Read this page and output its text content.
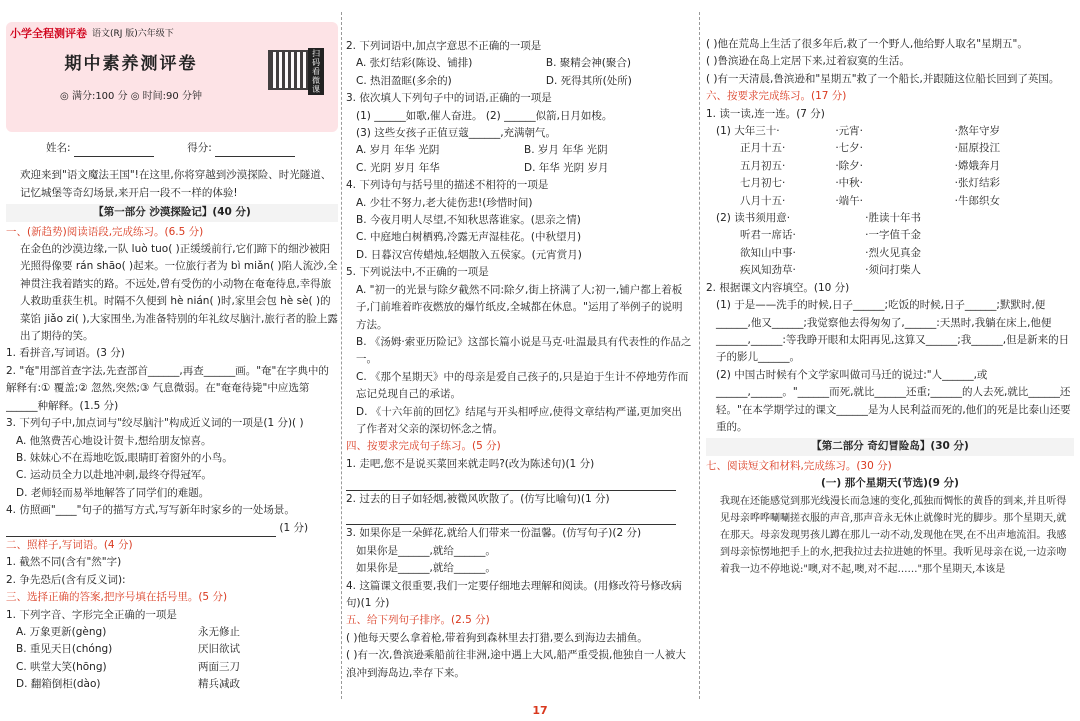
小学全程测评卷 语文(RJ 版)六年级下
期中素养测评卷
◎ 满分:100 分 ◎ 时间:90 分钟
扫码看微课
姓名:	得分:

欢迎来到"语文魔法王国"!在这里,你将穿越到沙漠探险、时光隧道、记忆城堡等奇幻场景,来开启一段不一样的体验!

【第一部分 沙漠探险记】(40 分)

一、(新趋势)阅读语段,完成练习。(6.5 分)

在金色的沙漠边缘,一队 luò tuo( )正缓缓前行,它们蹄下的细沙被阳光照得像要 rán shāo( )起来。一位旅行者为 bì miǎn( )陷人流沙,全神贯注我着踏实的路。不远处,曾有受伤的小动物在奄奄待息,幸得旅人救助重获生机。时隔不久便到 hè nián( )时,家里会包 hè sè( )的菜馅 jiǎo zi( ),大家围坐,为准备特别的年礼纹尽脑汁,旅行者的脸上露出了期待的笑。

1. 看拼音,写词语。(3 分)

2. "奄"用部首查字法,先查部首______,再查______画。"奄"在字典中的解释有:① 覆盖;② 忽然,突然;③ 气息微弱。在"奄奄待毙"中应选第______种解释。(1.5 分)

3. 下列句子中,加点词与"绞尽脑汁"构成近义词的一项是(1 分)( )

A. 他煞费苦心地设计贺卡,想给朋友惊喜。

B. 妹妹心不在焉地吃饭,眼睛盯着窗外的小鸟。

C. 运动员全力以赴地冲刺,最终夺得冠军。

D. 老师轻而易举地解答了同学们的难题。

4. 仿照画"____"句子的描写方式,写写新年时家乡的一处场景。

(1 分)

二、照样子,写词语。(4 分)

1. 截然不同(含有"然"字)

2. 争先恐后(含有反义词):

三、选择正确的答案,把序号填在括号里。(5 分)

1. 下列字音、字形完全正确的一项是

A. 万象更新(gèng)	永无修止
B. 重见天日(chóng)	厌旧欲试
C. 哄堂大笑(hōng)	两面三刀
D. 翻箱倒柜(dào)	精兵减政

2. 下列词语中,加点字意思不正确的一项是

A. 张灯结彩(陈设、铺排)	B. 聚精会神(聚合)
C. 热泪盈眶(多余的)	D. 死得其所(处所)

3. 依次填人下列句子中的词语,正确的一项是

(1) ______如歌,催人奋进。 (2) ______似箭,日月如梭。

(3) 这些女孩子正值豆蔻______,充满朝气。

A. 岁月 年华 光阴	B. 岁月 年华 光阴
C. 光阴 岁月 年华	D. 年华 光阴 岁月

4. 下列诗句与括号里的描述不相符的一项是

A. 少壮不努力,老大徒伤悲!(珍惜时间)

B. 今夜月明人尽望,不知秋思落谁家。(思亲之情)

C. 中庭地白树栖鸦,冷露无声湿桂花。(中秋望月)

D. 日暮汉宫传蜡烛,轻烟散入五侯家。(元宵赏月)

5. 下列说法中,不正确的一项是

A. "初一的光景与除夕截然不同:除夕,街上挤满了人;初一,铺户都上着板子,门前堆着昨夜燃放的爆竹纸皮,全城都在休息。"运用了举例子的说明方法。

B. 《汤姆·索亚历险记》这部长篇小说是马克·吐温最具有代表性的作品之一。

C. 《那个星期天》中的母亲是爱自己孩子的,只是迫于生计不停地劳作而忘记兑现自己的承诺。

D. 《十六年前的回忆》结尾与开头相呼应,使得文章结构严谨,更加突出了作者对父亲的深切怀念之情。

四、按要求完成句子练习。(5 分)

1. 走吧,您不是说买菜回来就走吗?(改为陈述句)(1 分)

2. 过去的日子如轻烟,被微风吹散了。(仿写比喻句)(1 分)

3. 如果你是一朵鲜花,就给人们带来一份温馨。(仿写句子)(2 分)

如果你是______,就给______。

如果你是______,就给______。

4. 这篇课文很重要,我们一定要仔细地去理解和阅读。(用修改符号修改病句)(1 分)

五、给下列句子排序。(2.5 分)

( )他每天要么拿着枪,带着狗到森林里去打猎,要么到海边去捕鱼。

( )有一次,鲁滨逊乘船前往非洲,途中遇上大风,船严重受损,他独自一人被大浪冲到海岛边,幸存下来。

( )他在荒岛上生活了很多年后,救了一个野人,他给野人取名"星期五"。

( )鲁滨逊在岛上定居下来,过着寂寞的生活。

( )有一天清晨,鲁滨逊和"星期五"救了一个船长,并跟随这位船长回到了英国。

六、按要求完成练习。(17 分)

1. 读一读,连一连。(7 分)

(1) 大年三十·	·元宵·	·熬年守岁
正月十五·	·七夕·	·屈原投江
五月初五·	·除夕·	·嫦娥奔月
七月初七·	·中秋·	·张灯结彩
八月十五·	·端午·	·牛郎织女
(2) 读书须用意·	·胜读十年书
听君一席话·	·一字值千金
欲知山中事·	·烈火见真金
疾风知劲草·	·须问打柴人

2. 根据课文内容填空。(10 分)

(1) 于是——洗手的时候,日子______;吃饭的时候,日子______;默默时,便______,他又______;我觉察他去得匆匆了,______:天黑时,我躺在床上,他便______,______:等我睁开眼和太阳再见,这算又______;我______,但是新来的日子的影儿______。

(2) 中国古时候有个文学家叫做司马迁的说过:"人______,或______,______。"______而死,就比______还重;______的人去死,就比______还轻。"在本学期学过的课文______是为人民利益而死的,他们的死是比泰山还要重的。

【第二部分 奇幻冒险岛】(30 分)

七、阅读短文和材料,完成练习。(30 分)

(一) 那个星期天(节选)(9 分)

我现在还能感觉到那光线漫长而急速的变化,孤独而惆怅的黄昏的到来,并且听得见母亲哗哗唰唰搓衣服的声音,那声音永无休止就像时光的脚步。那个星期天,就在那天。母亲发现男孩儿蹲在那儿一动不动,发现他在哭,在不出声地流泪。我感到母亲惊愣地把手上的水,把我拉过去拉进她的怀里。我听见母亲在说,一边亲吻着我一边不停地说:"噢,对不起,噢,对不起……"那个星期天,本该是

17
